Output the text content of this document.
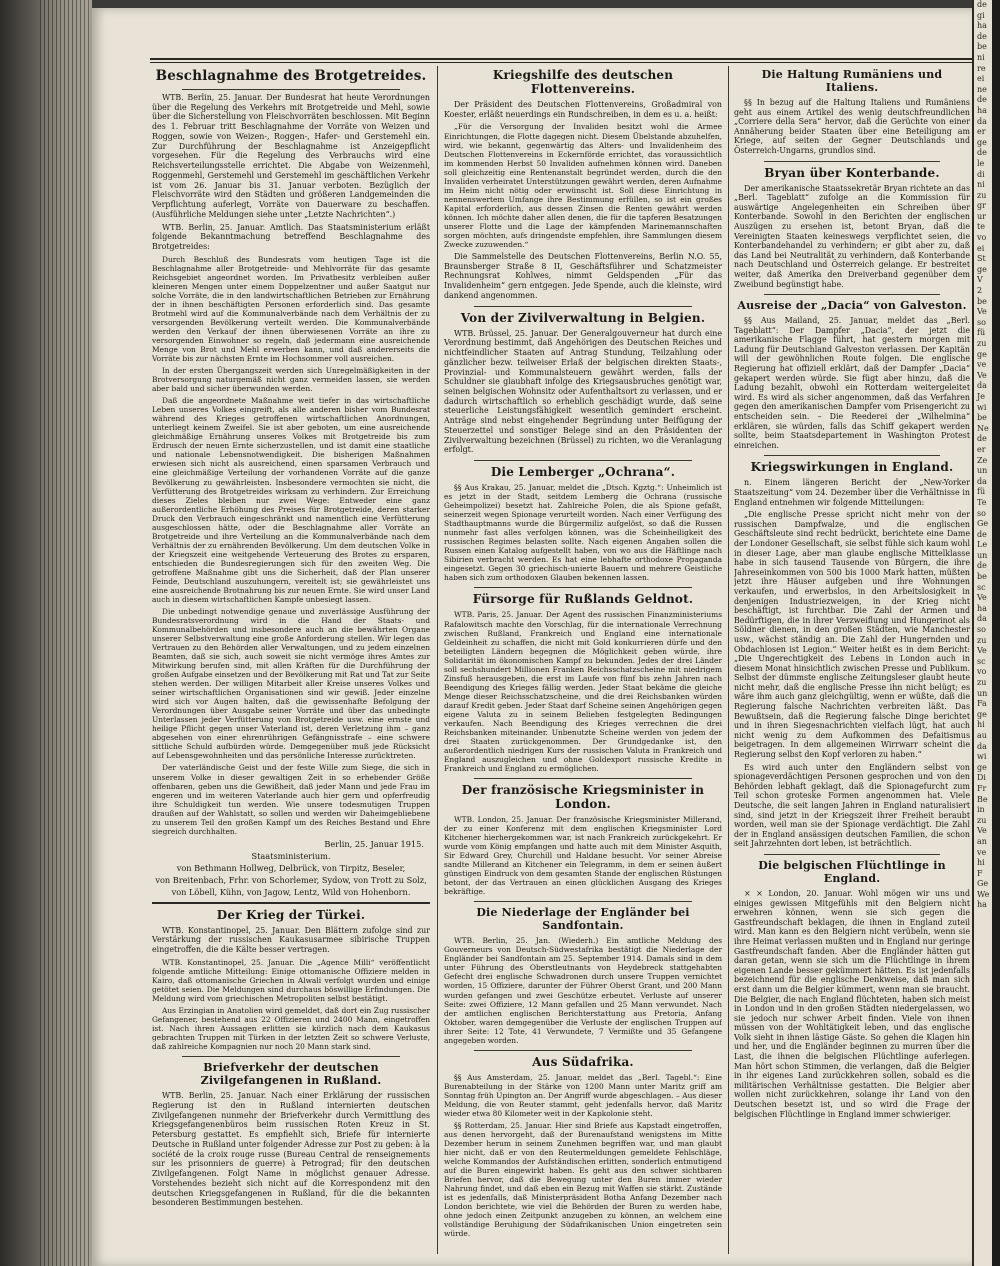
Beschlagnahme des Brotgetreides.

WTB. Berlin, 25. Januar. Der Bundesrat hat heute Verordnungen über die Regelung des Verkehrs mit Brotgetreide und Mehl, sowie über die Sicherstellung von Fleischvorräten beschlossen. Mit Beginn des 1. Februar tritt Beschlagnahme der Vorräte von Weizen und Roggen, sowie von Weizen-, Roggen-, Hafer- und Gerstemehl ein. Zur Durchführung der Beschlagnahme ist Anzeigepflicht vorgesehen. Für die Regelung des Verbrauchs wird eine Reichsverteilungsstelle errichtet. Die Abgabe von Weizenmehl, Roggenmehl, Gerstemehl und Gerstemehl im geschäftlichen Verkehr ist vom 26. Januar bis 31. Januar verboten. Bezüglich der Fleischvorräte wird den Städten und größeren Landgemeinden die Verpflichtung auferlegt, Vorräte von Dauerware zu beschaffen. (Ausführliche Meldungen siehe unter „Letzte Nachrichten“.)

WTB. Berlin, 25. Januar. Amtlich. Das Staatsministerium erläßt folgende Bekanntmachung betreffend Beschlagnahme des Brotgetreides:

Durch Beschluß des Bundesrats vom heutigen Tage ist die Beschlagnahme aller Brotgetreide- und Mehlvorräte für das gesamte Reichsgebiet angeordnet worden. Im Privatbesitz verbleiben außer kleineren Mengen unter einem Doppelzentner und außer Saatgut nur solche Vorräte, die in den landwirtschaftlichen Betrieben zur Ernährung der in ihnen beschäftigten Personen erforderlich sind. Das gesamte Brotmehl wird auf die Kommunalverbände nach dem Verhältnis der zu versorgenden Bevölkerung verteilt werden. Die Kommunalverbände werden den Verkauf der ihnen überwiesenen Vorräte an ihre zu versorgenden Einwohner so regeln, daß jedermann eine ausreichende Menge von Brot und Mehl erwerben kann, und daß andererseits die Vorräte bis zur nächsten Ernte im Hochsommer voll ausreichen.

In der ersten Übergangszeit werden sich Unregelmäßigkeiten in der Brotversorgung naturgemäß nicht ganz vermeiden lassen, sie werden aber bald und sicher überwunden werden.

Daß die angeordnete Maßnahme weit tiefer in das wirtschaftliche Leben unseres Volkes eingreift, als alle anderen bisher vom Bundesrat während des Krieges getroffenen wirtschaftlichen Anordnungen, unterliegt keinem Zweifel. Sie ist aber geboten, um eine ausreichende gleichmäßige Ernährung unseres Volkes mit Brotgetreide bis zum Erdrusch der neuen Ernte sicherzustellen, und ist damit eine staatliche und nationale Lebensnotwendigkeit. Die bisherigen Maßnahmen erwiesen sich nicht als ausreichend, einen sparsamen Verbrauch und eine gleichmäßige Verteilung der vorhandenen Vorräte auf die ganze Bevölkerung zu gewährleisten. Insbesondere vermochten sie nicht, die Verfütterung des Brotgetreides wirksam zu verhindern. Zur Erreichung dieses Zieles bleiben nur zwei Wege: Entweder eine ganz außerordentliche Erhöhung des Preises für Brotgetreide, deren starker Druck den Verbrauch eingeschränkt und namentlich eine Verfütterung ausgeschlossen hätte, oder die Beschlagnahme aller Vorräte an Brotgetreide und ihre Verteilung an die Kommunalverbände nach dem Verhältnis der zu ernährenden Bevölkerung. Um dem deutschen Volke in der Kriegszeit eine weitgehende Verteuerung des Brotes zu ersparen, entschieden die Bundesregierungen sich für den zweiten Weg. Die getroffene Maßnahme gibt uns die Sicherheit, daß der Plan unserer Feinde, Deutschland auszuhungern, vereitelt ist; sie gewährleistet uns eine ausreichende Brotnahrung bis zur neuen Ernte. Sie wird unser Land auch in diesem wirtschaftlichen Kampfe unbesiegt lassen.

Die unbedingt notwendige genaue und zuverlässige Ausführung der Bundesratsverordnung wird in die Hand der Staats- und Kommunalbehörden und insbesondere auch an die bewährten Organe unserer Selbstverwaltung eine große Anforderung stellen. Wir legen das Vertrauen zu den Behörden aller Verwaltungen, und zu jedem einzelnen Beamten, daß sie sich, auch soweit sie nicht vermöge ihres Amtes zur Mitwirkung berufen sind, mit allen Kräften für die Durchführung der großen Aufgabe einsetzen und der Bevölkerung mit Rat und Tat zur Seite stehen werden. Der willigen Mitarbeit aller Kreise unseres Volkes und seiner wirtschaftlichen Organisationen sind wir gewiß. Jeder einzelne wird sich vor Augen halten, daß die gewissenhafte Befolgung der Verordnungen über Ausgabe seiner Vorräte und über das unbedingte Unterlassen jeder Verfütterung von Brotgetreide usw. eine ernste und heilige Pflicht gegen unser Vaterland ist, deren Verletzung ihm – ganz abgesehen von einer ehrenrührigen Gefängnisstrafe – eine schwere sittliche Schuld aufbürden würde. Demgegenüber muß jede Rücksicht auf Lebensgewohnheiten und das persönliche Interesse zurücktreten.

Der vaterländische Geist und der feste Wille zum Siege, die sich in unserem Volke in dieser gewaltigen Zeit in so erhebender Größe offenbaren, geben uns die Gewißheit, daß jeder Mann und jede Frau im engeren und im weiteren Vaterlande auch hier gern und opferfreudig ihre Schuldigkeit tun werden. Wie unsere todesmutigen Truppen draußen auf der Wahlstatt, so sollen und werden wir Daheimgebliebene zu unserem Teil den großen Kampf um des Reiches Bestand und Ehre siegreich durchhalten.

Berlin, 25. Januar 1915.
Staatsministerium.
von Bethmann Hollweg, Delbrück, von Tirpitz, Beseler,
von Breitenbach, Frhr. von Schorlemer, Sydow, von Trott zu Solz,
von Löbell, Kühn, von Jagow, Lentz, Wild von Hohenborn.
Der Krieg der Türkei.

WTB. Konstantinopel, 25. Januar. Den Blättern zufolge sind zur Verstärkung der russischen Kaukasusarmee sibirische Truppen eingetroffen, die die Kälte besser vertragen.

WTB. Konstantinopel, 25. Januar. Die „Agence Milli“ veröffentlicht folgende amtliche Mitteilung: Einige ottomanische Offiziere melden in Kairo, daß ottomanische Griechen in Alwali verfolgt wurden und einige getötet seien. Die Meldungen sind durchaus böswillige Erfindungen. Die Meldung wird vom griechischen Metropoliten selbst bestätigt.

Aus Erzingian in Anatolien wird gemeldet, daß dort ein Zug russischer Gefangener, bestehend aus 22 Offizieren und 2400 Mann, eingetroffen ist. Nach ihren Aussagen erlitten sie kürzlich nach dem Kaukasus gebrachten Truppen mit Türken in der letzten Zeit so schwere Verluste, daß zahlreiche Kompagnien nur noch 20 Mann stark sind.

Briefverkehr der deutschen Zivilgefangenen in Rußland.

WTB. Berlin, 25. Januar. Nach einer Erklärung der russischen Regierung ist den in Rußland internierten deutschen Zivilgefangenen nunmehr der Briefverkehr durch Vermittlung des Kriegsgefangenenbüros beim russischen Roten Kreuz in St. Petersburg gestattet. Es empfiehlt sich, Briefe für internierte Deutsche in Rußland unter folgender Adresse zur Post zu geben: à la société de la croix rouge russe (Bureau Central de renseignements sur les prisonniers de guerre) à Petrograd; für den deutschen Zivilgefangenen. Folgt Name in möglichst genauer Adresse. Vorstehendes bezieht sich nicht auf die Korrespondenz mit den deutschen Kriegsgefangenen in Rußland, für die die bekannten besonderen Bestimmungen bestehen.

Kriegshilfe des deutschen Flottenvereins.

Der Präsident des Deutschen Flottenvereins, Großadmiral von Koester, erläßt neuerdings ein Rundschreiben, in dem es u. a. heißt:

„Für die Versorgung der Invaliden besitzt wohl die Armee Einrichtungen, die Flotte dagegen nicht. Diesem Übelstande abzuhelfen, wird, wie bekannt, gegenwärtig das Alters- und Invalidenheim des Deutschen Flottenvereins in Eckernförde errichtet, das voraussichtlich im kommenden Herbst 50 Invaliden aufnehmen können wird. Daneben soll gleichzeitig eine Rentenanstalt begründet werden, durch die den Invaliden verheiratet Unterstützungen gewährt werden, deren Aufnahme im Heim nicht nötig oder erwünscht ist. Soll diese Einrichtung in nennenswertem Umfange ihre Bestimmung erfüllen, so ist ein großes Kapital erforderlich, aus dessen Zinsen die Renten gewährt werden können. Ich möchte daher allen denen, die für die tapferen Besatzungen unserer Flotte und die Lage der kämpfenden Marinemannschaften sorgen möchten, aufs dringendste empfehlen, ihre Sammlungen diesem Zwecke zuzuwenden.“

Die Sammelstelle des Deutschen Flottenvereins, Berlin N.O. 55, Braunsberger Straße 8 II, Geschäftsführer und Schatzmeister Rechnungsrat Kohlwes, nimmt Geldspenden „Für das Invalidenheim“ gern entgegen. Jede Spende, auch die kleinste, wird dankend angenommen.

Von der Zivilverwaltung in Belgien.

WTB. Brüssel, 25. Januar. Der Generalgouverneur hat durch eine Verordnung bestimmt, daß Angehörigen des Deutschen Reiches und nichtfeindlicher Staaten auf Antrag Stundung, Teilzahlung oder gänzlicher bezw. teilweiser Erlaß der belgischen direkten Staats-, Provinzial- und Kommunalsteuern gewährt werden, falls der Schuldner sie glaubhaft infolge des Kriegsausbruches genötigt war, seinen belgischen Wohnsitz oder Aufenthaltsort zu verlassen, und er dadurch wirtschaftlich so erheblich geschädigt wurde, daß seine steuerliche Leistungsfähigkeit wesentlich gemindert erscheint. Anträge sind nebst eingehender Begründung unter Beifügung der Steuerzettel und sonstiger Belege sind an den Präsidenten der Zivilverwaltung bezeichnen (Brüssel) zu richten, wo die Veranlagung erfolgt.

Die Lemberger „Ochrana“.

§§ Aus Krakau, 25. Januar, meldet die „Dtsch. Kgztg.“: Unheimlich ist es jetzt in der Stadt, seitdem Lemberg die Ochrana (russische Geheimpolizei) besetzt hat. Zahlreiche Polen, die als Spione gefaßt, seinerzeit wegen Spionage verurteilt worden. Nach einer Verfügung des Stadthauptmanns wurde die Bürgermiliz aufgelöst, so daß die Russen nunmehr fast alles verfolgen können, was die Scheinheiligkeit des russischen Regimes belasten sollte. Nach eigenen Angaben sollen die Russen einen Katalog aufgestellt haben, von wo aus die Häftlinge nach Sibirien verbracht werden. Es hat eine lebhafte orthodoxe Propaganda eingesetzt. Gegen 30 griechisch-unierte Bauern und mehrere Geistliche haben sich zum orthodoxen Glauben bekennen lassen.

Fürsorge für Rußlands Geldnot.

WTB. Paris, 25. Januar. Der Agent des russischen Finanzministeriums Rafalowitsch machte den Vorschlag, für die internationale Verrechnung zwischen Rußland, Frankreich und England eine internationale Geldeinheit zu schaffen, die nicht mit Gold konkurrieren dürfe und den beteiligten Ländern begegnen die Möglichkeit geben würde, ihre Solidarität im ökonomischen Kampf zu bekunden. Jedes der drei Länder soll sechshundert Millionen Franken Reichsschatzscheine mit niedrigem Zinsfuß herausgeben, die erst im Laufe von fünf bis zehn Jahren nach Beendigung des Krieges fällig werden. Jeder Staat bekäme die gleiche Menge dieser Reichsschatzscheine, und die drei Reichsbanken würden darauf Kredit geben. Jeder Staat darf Scheine seinen Angehörigen gegen eigene Valuta zu in seinem Belieben festgelegten Bedingungen verkaufen. Nach Beendigung des Krieges verrechnen die drei Reichsbanken miteinander. Unbenutzte Scheine werden von jedem der drei Staaten zurückgenommen. Der Grundgedanke ist, den außerordentlich niedrigen Kurs der russischen Valuta in Frankreich und England auszugleichen und ohne Goldexport russische Kredite in Frankreich und England zu ermöglichen.

Der französische Kriegsminister in London.

WTB. London, 25. Januar. Der französische Kriegsminister Millerand, der zu einer Konferenz mit dem englischen Kriegsminister Lord Kitchener hierhergekommen war, ist nach Frankreich zurückgekehrt. Er wurde vom König empfangen und hatte auch mit dem Minister Asquith, Sir Edward Grey, Churchill und Haldane besucht. Vor seiner Abreise sandte Millerand an Kitchener ein Telegramm, in dem er seinen äußert günstigen Eindruck von dem gesamten Stande der englischen Rüstungen betont, der das Vertrauen an einen glücklichen Ausgang des Krieges bekräftige.

Die Niederlage der Engländer bei Sandfontain.

WTB. Berlin, 25. Jan. (Wiederh.) Ein amtliche Meldung des Gouverneurs von Deutsch-Südwestafrika bestätigt die Niederlage der Engländer bei Sandfontain am 25. September 1914. Damals sind in dem unter Führung des Oberstleutnants von Heydebreck stattgehabten Gefecht drei englische Schwadronen durch unsere Truppen vernichtet worden, 15 Offiziere, darunter der Führer Oberst Grant, und 200 Mann wurden gefangen und zwei Geschütze erbeutet. Verluste auf unserer Seite: zwei Offiziere, 12 Mann gefallen und 25 Mann verwundet. Nach der amtlichen englischen Berichterstattung aus Pretoria, Anfang Oktober, waren demgegenüber die Verluste der englischen Truppen auf ihrer Seite: 12 Tote, 41 Verwundete, 7 Vermißte und 35 Gefangene angegeben worden.

Aus Südafrika.

§§ Aus Amsterdam, 25. Januar, meldet das „Berl. Tagebl.“: Eine Burenabteilung in der Stärke von 1200 Mann unter Maritz griff am Sonntag früh Upington an. Der Angriff wurde abgeschlagen. – Aus dieser Meldung, die von Reuter stammt, geht jedenfalls hervor, daß Maritz wieder etwa 80 Kilometer weit in der Kapkolonie steht.

§§ Rotterdam, 25. Januar. Hier sind Briefe aus Kapstadt eingetroffen, aus denen hervorgeht, daß der Burenaufstand wenigstens im Mitte Dezember herum in seinem Zunehmen begriffen war, und man glaubt hier nicht, daß er von den Reutermeldungen gemeldete Fehlschläge, welche Kommandos der Aufständischen erlitten, sonderlich entmutigend auf die Buren eingewirkt haben. Es geht aus den schwer sichtbaren Briefen hervor, daß die Bewegung unter den Buren immer wieder Nahrung findet, und daß eben ein Bezug mit Waffen sie stärkt. Zustände ist es jedenfalls, daß Ministerpräsident Botha Anfang Dezember nach London berichtete, wie viel die Behörden der Buren zu werden habe, ohne jedoch einen Zeitpunkt anzugeben zu können, an welchem eine vollständige Beruhigung der Südafrikanischen Union eingetreten sein würde.

Die Haltung Rumäniens und Italiens.

§§ In bezug auf die Haltung Italiens und Rumäniens geht aus einem Artikel des wenig deutschfreundlichen „Corriere della Sera“ hervor, daß die Gerüchte von einer Annäherung beider Staaten über eine Beteiligung am Kriege, auf seiten der Gegner Deutschlands und Österreich-Ungarns, grundlos sind.

Bryan über Konterbande.

Der amerikanische Staatssekretär Bryan richtete an das „Berl. Tageblatt“ zufolge an die Kommission für auswärtige Angelegenheiten ein Schreiben über Konterbande. Sowohl in den Berichten der englischen Auszügen zu ersehen ist, betont Bryan, daß die Vereinigten Staaten keineswegs verpflichtet seien, die Konterbandehandel zu verhindern; er gibt aber zu, daß das Land bei Neutralität zu verhindern, daß Konterbande nach Deutschland und Österreich gelange. Er bestreitet weiter, daß Amerika den Dreiverband gegenüber dem Zweibund begünstigt habe.

Ausreise der „Dacia“ von Galveston.

§§ Aus Mailand, 25. Januar, meldet das „Berl. Tageblatt“: Der Dampfer „Dacia“, der jetzt die amerikanische Flagge führt, hat gestern morgen mit Ladung für Deutschland Galveston verlassen. Der Kapitän will der gewöhnlichen Route folgen. Die englische Regierung hat offiziell erklärt, daß der Dampfer „Dacia“ gekapert werden würde. Sie fügt aber hinzu, daß die Ladung bezahlt, obwohl ein Rotterdam weitergeleitet wird. Es wird als sicher angenommen, daß das Verfahren gegen den amerikanischen Dampfer vom Prisengericht zu entscheiden sein. – Die Reederei der „Wilhelmina“ erklären, sie würden, falls das Schiff gekapert werden sollte, beim Staatsdepartement in Washington Protest einreichen.

Kriegswirkungen in England.

n. Einem längeren Bericht der „New-Yorker Staatszeitung“ vom 24. Dezember über die Verhältnisse in England entnehmen wir folgende Mitteilungen:

„Die englische Presse spricht nicht mehr von der russischen Dampfwalze, und die englischen Geschäftsleute sind recht bedrückt, berichtete eine Dame der Londoner Gesellschaft, sie selbst fühle sich kaum wohl in dieser Lage, aber man glaube englische Mittelklasse habe in sich tausend Tausende von Bürgern, die ihre Jahreseinkommen von 500 bis 1000 Mark hatten, müßten jetzt ihre Häuser aufgeben und ihre Wohnungen verkaufen, und erwerbslos, in den Arbeitslosigkeit in denjenigen Industriezweigen, in der Krieg nicht beschäftigt, ist furchtbar. Die Zahl der Armen und Bedürftigen, die in ihrer Verzweiflung und Hungerinot als Söldner dienen, in den großen Städten, wie Manchester usw., wächst ständig an. Die Zahl der Hungernden und Obdachlosen ist Legion.“ Weiter heißt es in dem Bericht: „Die Ungerechtigkeit des Lebens in London auch in diesem Monat hinsichtlich zwischen Presse und Publikum. Selbst der dümmste englische Zeitungsleser glaubt heute nicht mehr, daß die englische Presse ihn nicht belügt; es wäre ihm auch ganz gleichgültig, wenn er wüßte, daß die Regierung falsche Nachrichten verbreiten läßt. Das Bewußtsein, daß die Regierung falsche Dinge berichtet und in ihren Siegesnachrichten vielfach lügt, hat auch nicht wenig zu dem Aufkommen des Defaitismus beigetragen. In dem allgemeinen Wirrwarr scheint die Regierung selbst den Kopf verloren zu haben.“

Es wird auch unter den Engländern selbst von spionageverdächtigen Personen gesprochen und von den Behörden lebhaft geklagt, daß die Spionagefurcht zum Teil schon groteske Formen angenommen hat. Viele Deutsche, die seit langen Jahren in England naturalisiert sind, sind jetzt in der Kriegszeit ihrer Freiheit beraubt worden, weil man sie der Spionage verdächtigt. Die Zahl der in England ansässigen deutschen Familien, die schon seit Jahrzehnten dort leben, ist beträchtlich.

Die belgischen Flüchtlinge in England.

× × London, 20. Januar. Wohl mögen wir uns und einiges gewissen Mitgefühls mit den Belgiern nicht erwehren können, wenn sie sich gegen die Gastfreundschaft beklagen, die ihnen in England zuteil wird. Man kann es den Belgiern nicht verübeln, wenn sie ihre Heimat verlassen mußten und in England nur geringe Gastfreundschaft fanden. Aber die Engländer hätten gut daran getan, wenn sie sich um die Flüchtlinge in ihrem eigenen Lande besser gekümmert hätten. Es ist jedenfalls bezeichnend für die englische Denkweise, daß man sich erst dann um die Belgier kümmert, wenn man sie braucht. Die Belgier, die nach England flüchteten, haben sich meist in London und in den großen Städten niedergelassen, wo sie jedoch nur schwer Arbeit finden. Viele von ihnen müssen von der Wohltätigkeit leben, und das englische Volk sieht in ihnen lästige Gäste. So gehen die Klagen hin und her, und die Engländer beginnen zu murren über die Last, die ihnen die belgischen Flüchtlinge auferlegen. Man hört schon Stimmen, die verlangen, daß die Belgier in ihr eigenes Land zurückkehren sollen, sobald es die militärischen Verhältnisse gestatten. Die Belgier aber wollen nicht zurückkehren, solange ihr Land von den Deutschen besetzt ist, und so wird die Frage der belgischen Flüchtlinge in England immer schwieriger.

de
gi
ha
de
be
ni
re
ei
ne
de
ha
da
er
ge
de
le
di
ni
zu
gr
ur
te
vo
ei
St
ge
V
2
be
Ve
so
fü
zu
ge
ve
Ve
da
Je
wi
be
Ne
de
er
Ze
un
da
fü
Te
so
Ge
de
Le
un
de
be
sc
Ve
ha
da
so
zu
Ve
sc
vo
zu
un
Fa
ge
hi
au
da
wi
ge
Di
Fr
Be
in
zu
Ve
an
ve
hi
F
Ge
We
ha
